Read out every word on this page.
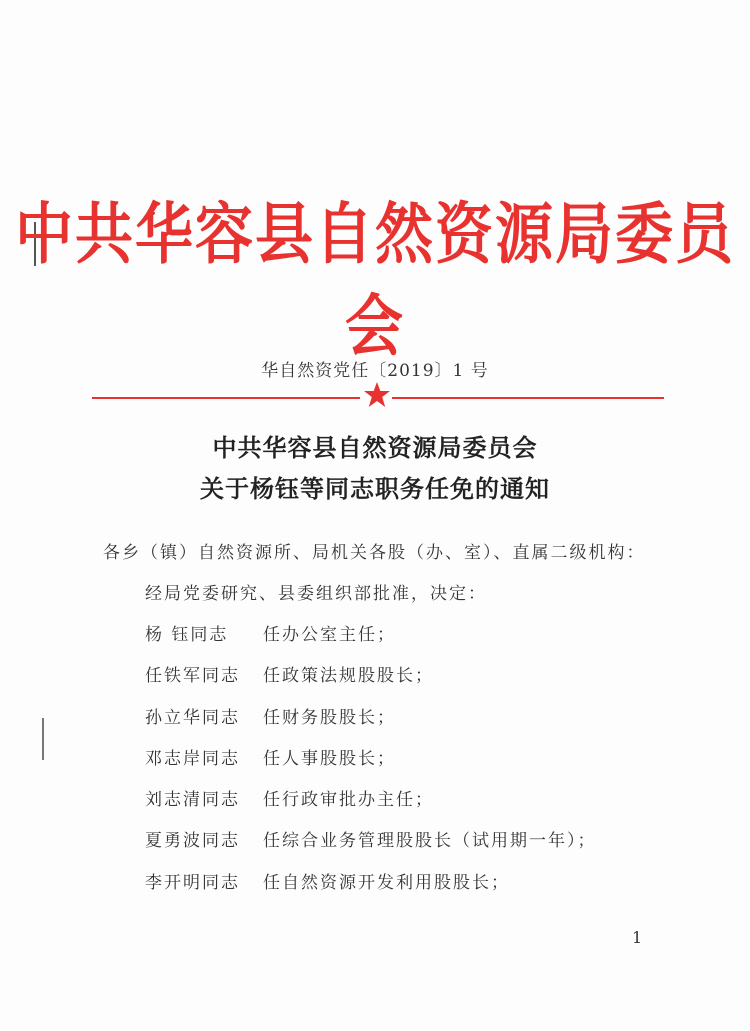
中共华容县自然资源局委员会
华自然资党任〔2019〕1 号
中共华容县自然资源局委员会
关于杨钰等同志职务任免的通知
各乡（镇）自然资源所、局机关各股（办、室）、直属二级机构：
经局党委研究、县委组织部批准，决定：
杨 钰同志 任办公室主任；
任铁军同志 任政策法规股股长；
孙立华同志 任财务股股长；
邓志岸同志 任人事股股长；
刘志清同志 任行政审批办主任；
夏勇波同志 任综合业务管理股股长（试用期一年）；
李开明同志 任自然资源开发利用股股长；
1
